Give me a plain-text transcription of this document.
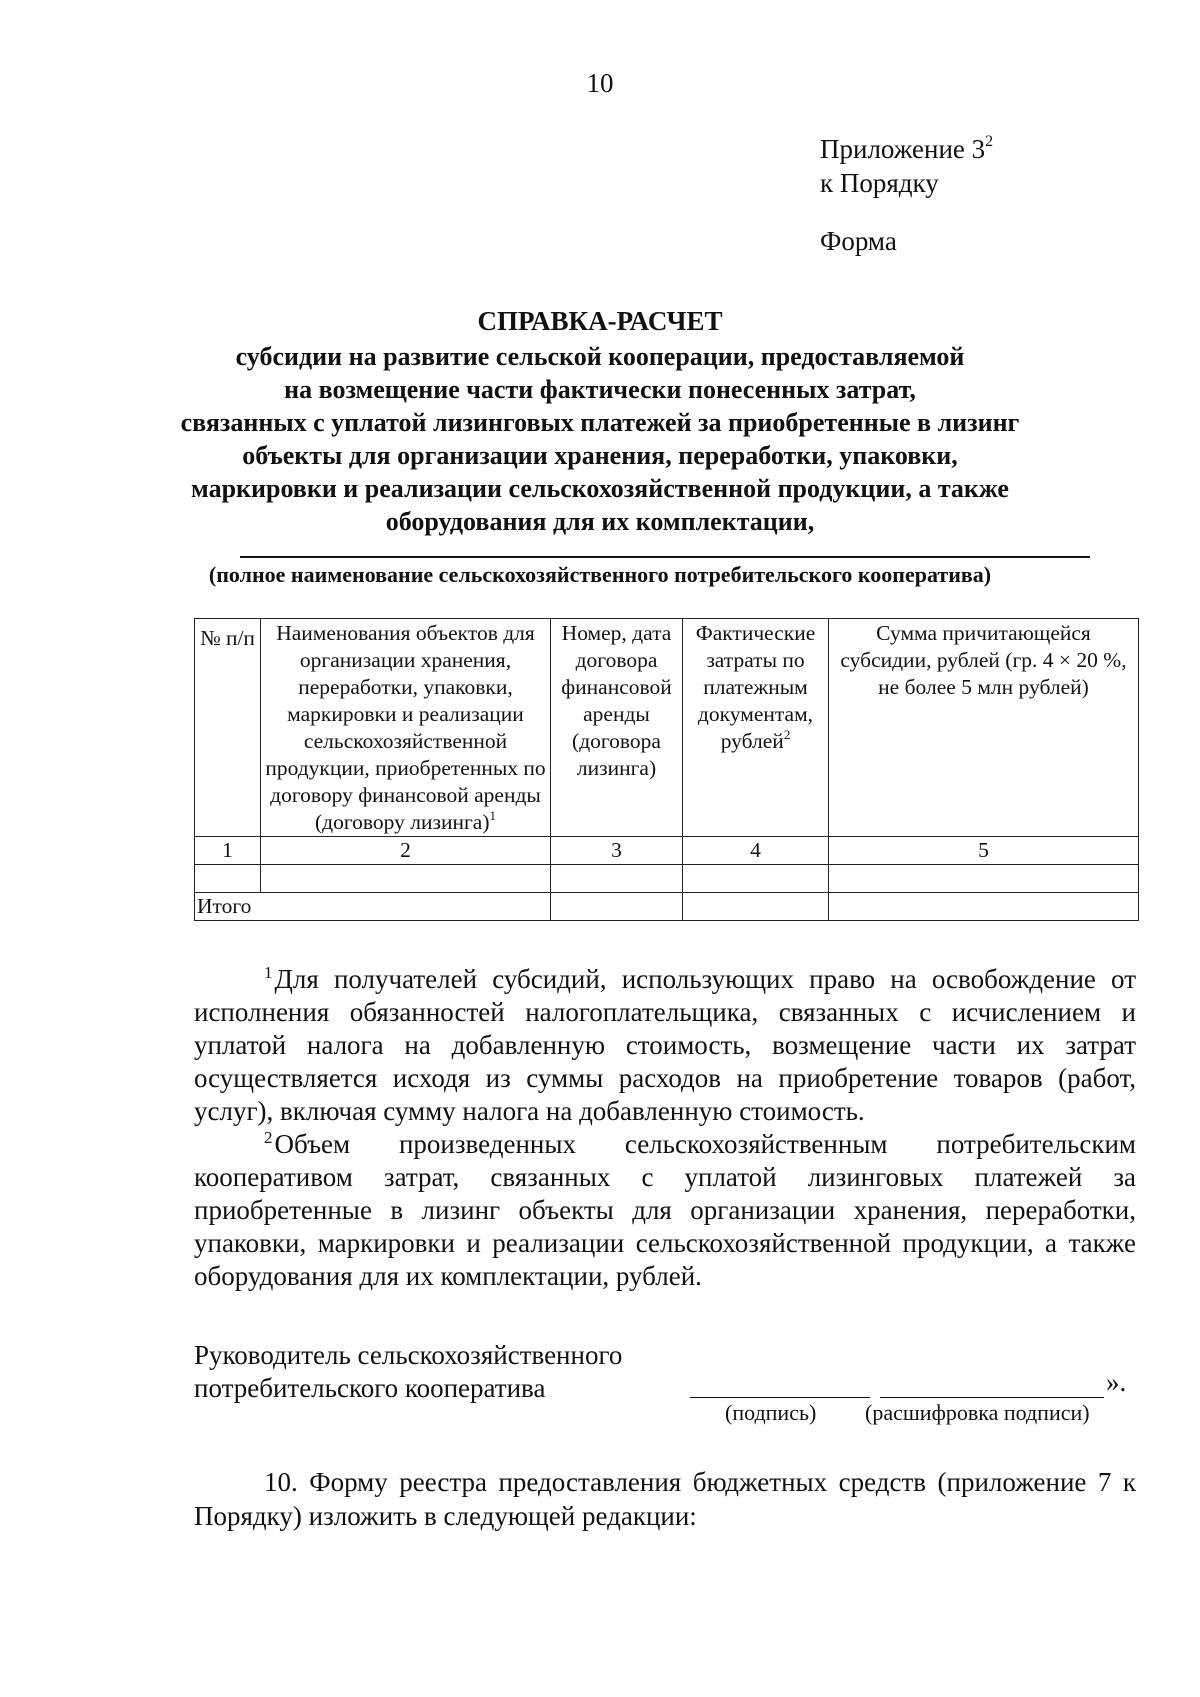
10
Приложение $3^2$
к Порядку
Форма
СПРАВКА-РАСЧЕТ
субсидии на развитие сельской кооперации, предоставляемой
на возмещение части фактически понесенных затрат,
связанных с уплатой лизинговых платежей за приобретенные в лизинг
объекты для организации хранения, переработки, упаковки,
маркировки и реализации сельскохозяйственной продукции, а также
оборудования для их комплектации,
(полное наименование сельскохозяйственного потребительского кооператива)
№ п/п	Наименования объектов для организации хранения, переработки, упаковки, маркировки и реализации сельскохозяйственной продукции, приобретенных по договору финансовой аренды (договору лизинга)$^1$	Номер, дата договора финансовой аренды (договора лизинга)	Фактические затраты по платежным документам, рублей$^2$	Сумма причитающейся субсидии, рублей (гр. 4 × 20 %, не более 5 млн рублей)
1	2	3	4	5

Итого				

$^1$Для получателей субсидий, использующих право на освобождение от исполнения обязанностей налогоплательщика, связанных с исчислением и уплатой налога на добавленную стоимость, возмещение части их затрат осуществляется исходя из суммы расходов на приобретение товаров (работ, услуг), включая сумму налога на добавленную стоимость.

$^2$Объем произведенных сельскохозяйственным потребительским кооперативом затрат, связанных с уплатой лизинговых платежей за приобретенные в лизинг объекты для организации хранения, переработки, упаковки, маркировки и реализации сельскохозяйственной продукции, а также оборудования для их комплектации, рублей.

Руководитель сельскохозяйственного
потребительского кооператива	».
(подпись) (расшифровка подписи)
10. Форму реестра предоставления бюджетных средств (приложение 7 к Порядку) изложить в следующей редакции:
